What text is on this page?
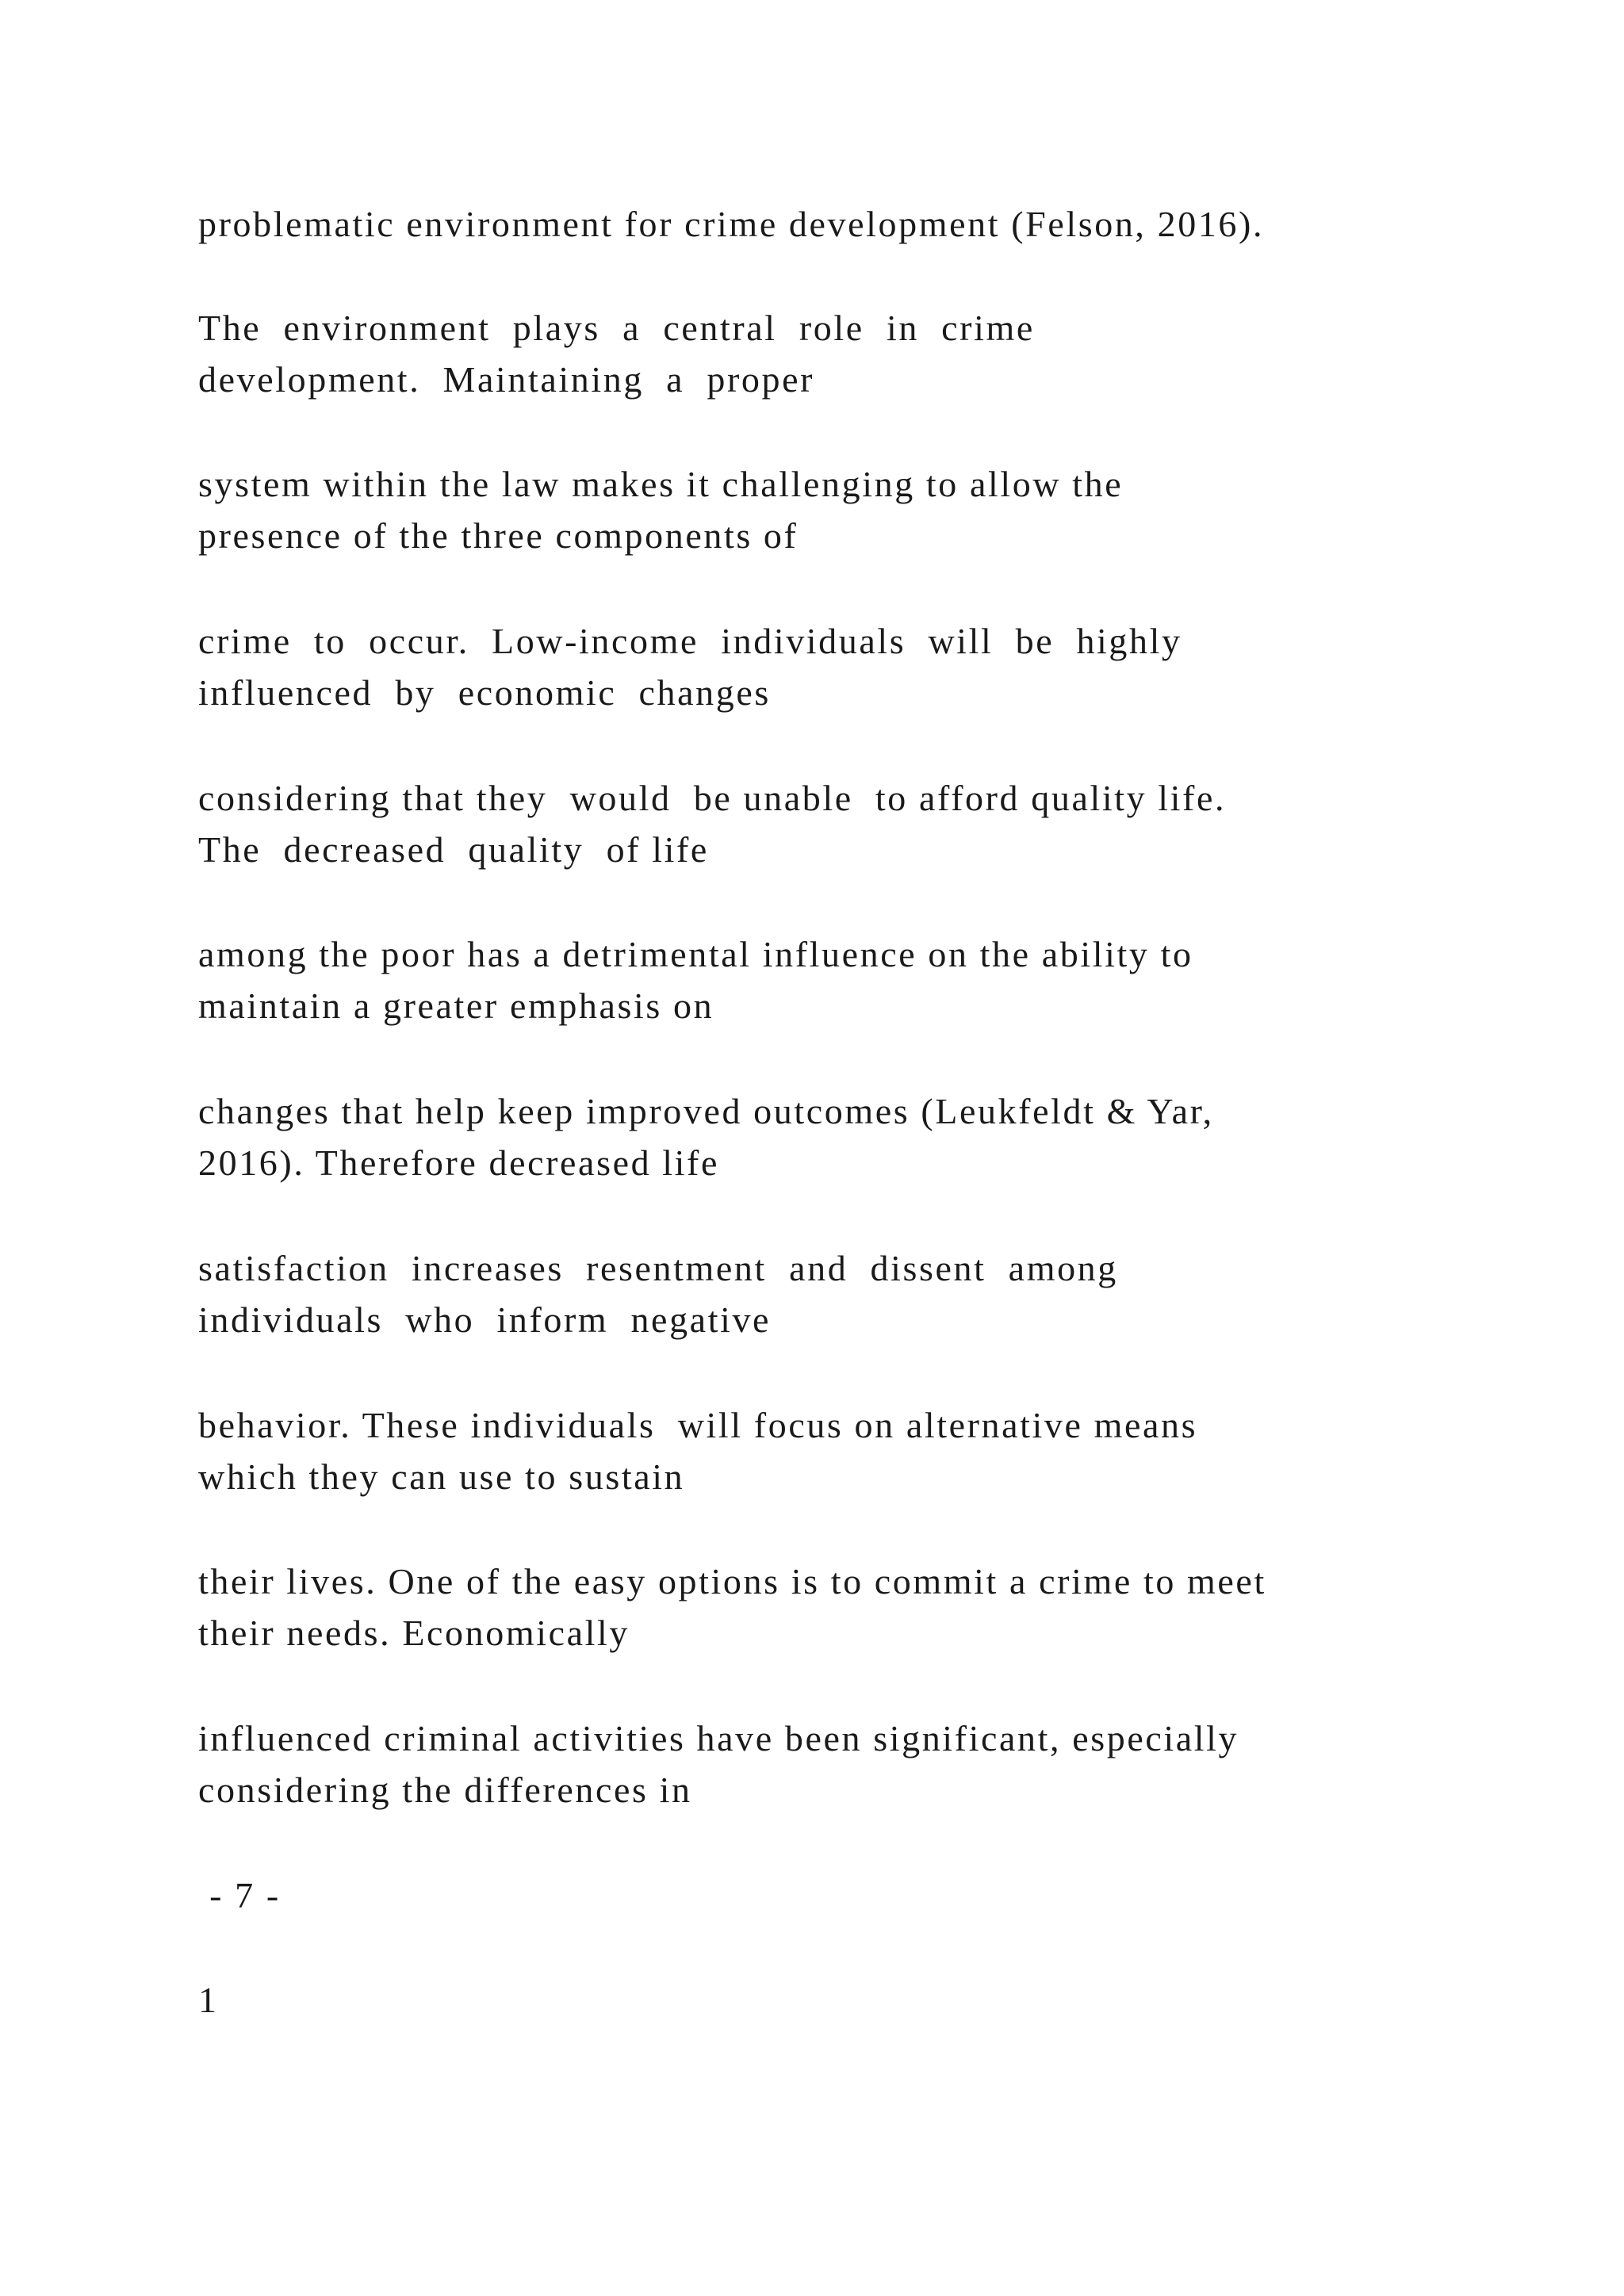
problematic environment for crime development (Felson, 2016).
The  environment  plays  a  central  role  in  crime
development.  Maintaining  a  proper
system within the law makes it challenging to allow the
presence of the three components of
crime  to  occur.  Low-income  individuals  will  be  highly
influenced  by  economic  changes
considering that they  would  be unable  to afford quality life.
The  decreased  quality  of life
among the poor has a detrimental influence on the ability to
maintain a greater emphasis on
changes that help keep improved outcomes (Leukfeldt & Yar,
2016). Therefore decreased life
satisfaction  increases  resentment  and  dissent  among
individuals  who  inform  negative
behavior. These individuals  will focus on alternative means
which they can use to sustain
their lives. One of the easy options is to commit a crime to meet
their needs. Economically
influenced criminal activities have been significant, especially
considering the differences in
- 7 -
1
